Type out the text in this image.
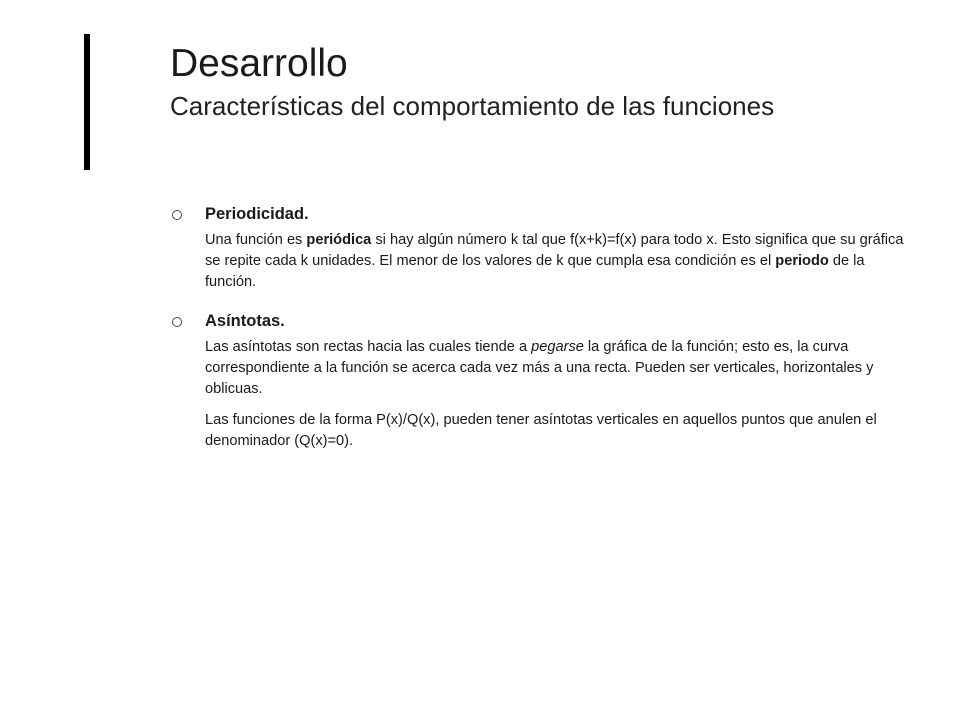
Desarrollo
Características del comportamiento de las funciones
Periodicidad.

Una función es periódica si hay algún número k tal que f(x+k)=f(x) para todo x. Esto significa que su gráfica se repite cada k unidades. El menor de los valores de k que cumpla esa condición es el periodo de la función.

Asíntotas.

Las asíntotas son rectas hacia las cuales tiende a pegarse la gráfica de la función; esto es, la curva correspondiente a la función se acerca cada vez más a una recta. Pueden ser verticales, horizontales y oblicuas.

Las funciones de la forma P(x)/Q(x), pueden tener asíntotas verticales en aquellos puntos que anulen el denominador (Q(x)=0).
